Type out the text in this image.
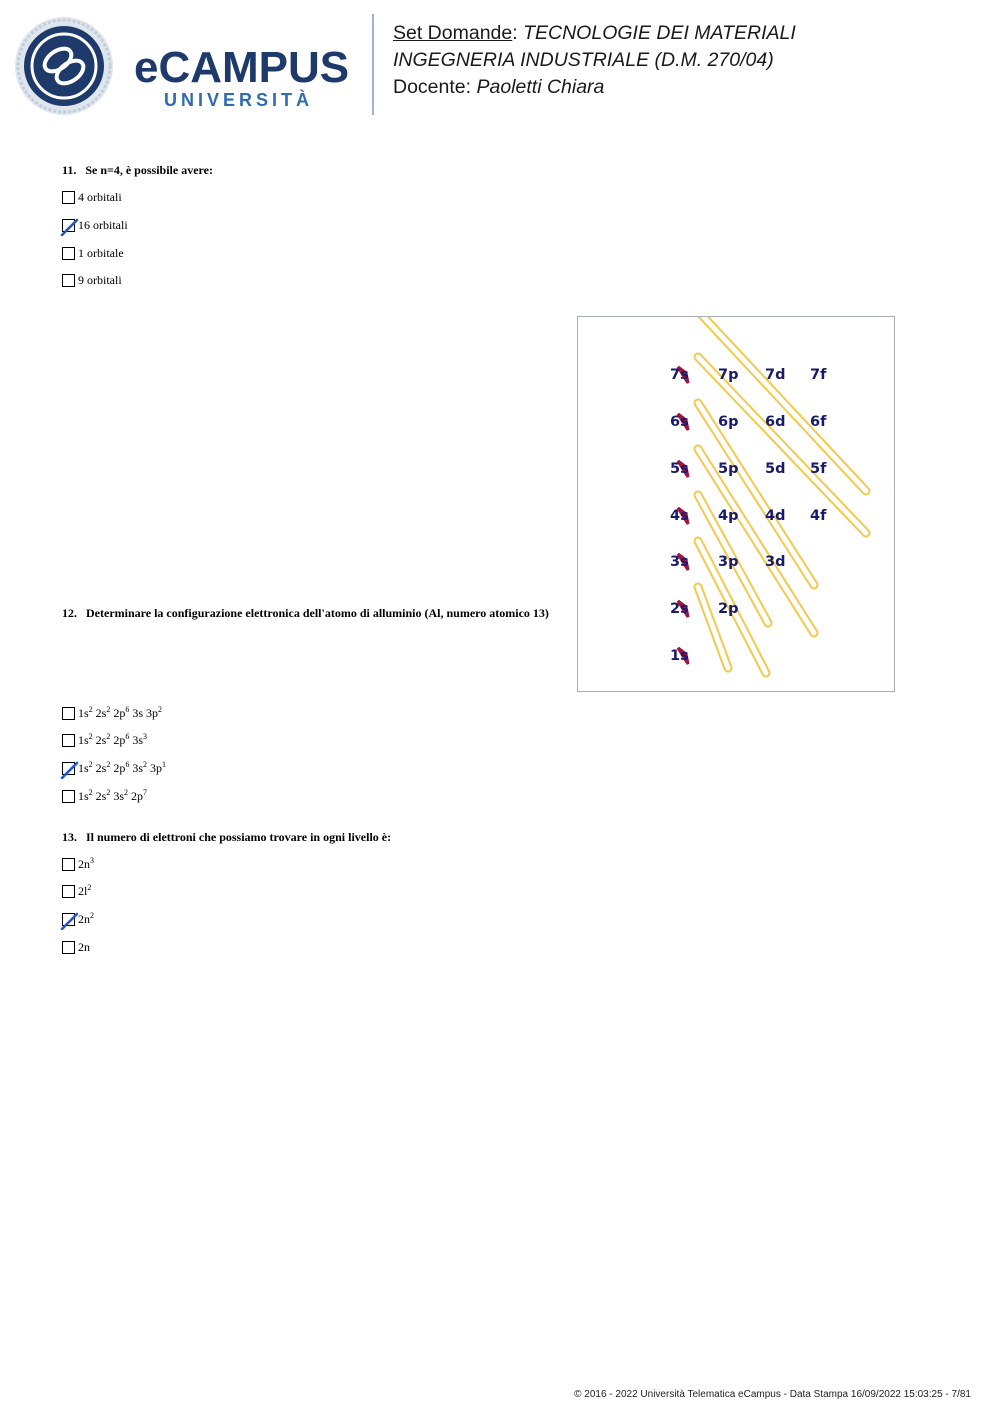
eCAMPUS
UNIVERSITÀ
Set Domande: TECNOLOGIE DEI MATERIALI
INGEGNERIA INDUSTRIALE (D.M. 270/04)
Docente: Paoletti Chiara
11. Se n=4, è possibile avere:
4 orbitali
16 orbitali
1 orbitale
9 orbitali
12. Determinare la configurazione elettronica dell'atomo di alluminio (Al, numero atomico 13)
7s 7p 7d 7f
6s 6p 6d 6f
5s 5p 5d 5f
4s 4p 4d 4f
3s 3p 3d
2s 2p
1s
$1s^2$ $2s^2$ $2p^6$ 3s $3p^2$
$1s^2$ $2s^2$ $2p^6$ $3s^3$
$1s^2$ $2s^2$ $2p^6$ $3s^2$ $3p^1$
$1s^2$ $2s^2$ $3s^2$ $2p^7$
13. Il numero di elettroni che possiamo trovare in ogni livello è:
$2n^3$
$2l^2$
$2n^2$
2n
© 2016 - 2022 Università Telematica eCampus - Data Stampa 16/09/2022 15:03:25 - 7/81
